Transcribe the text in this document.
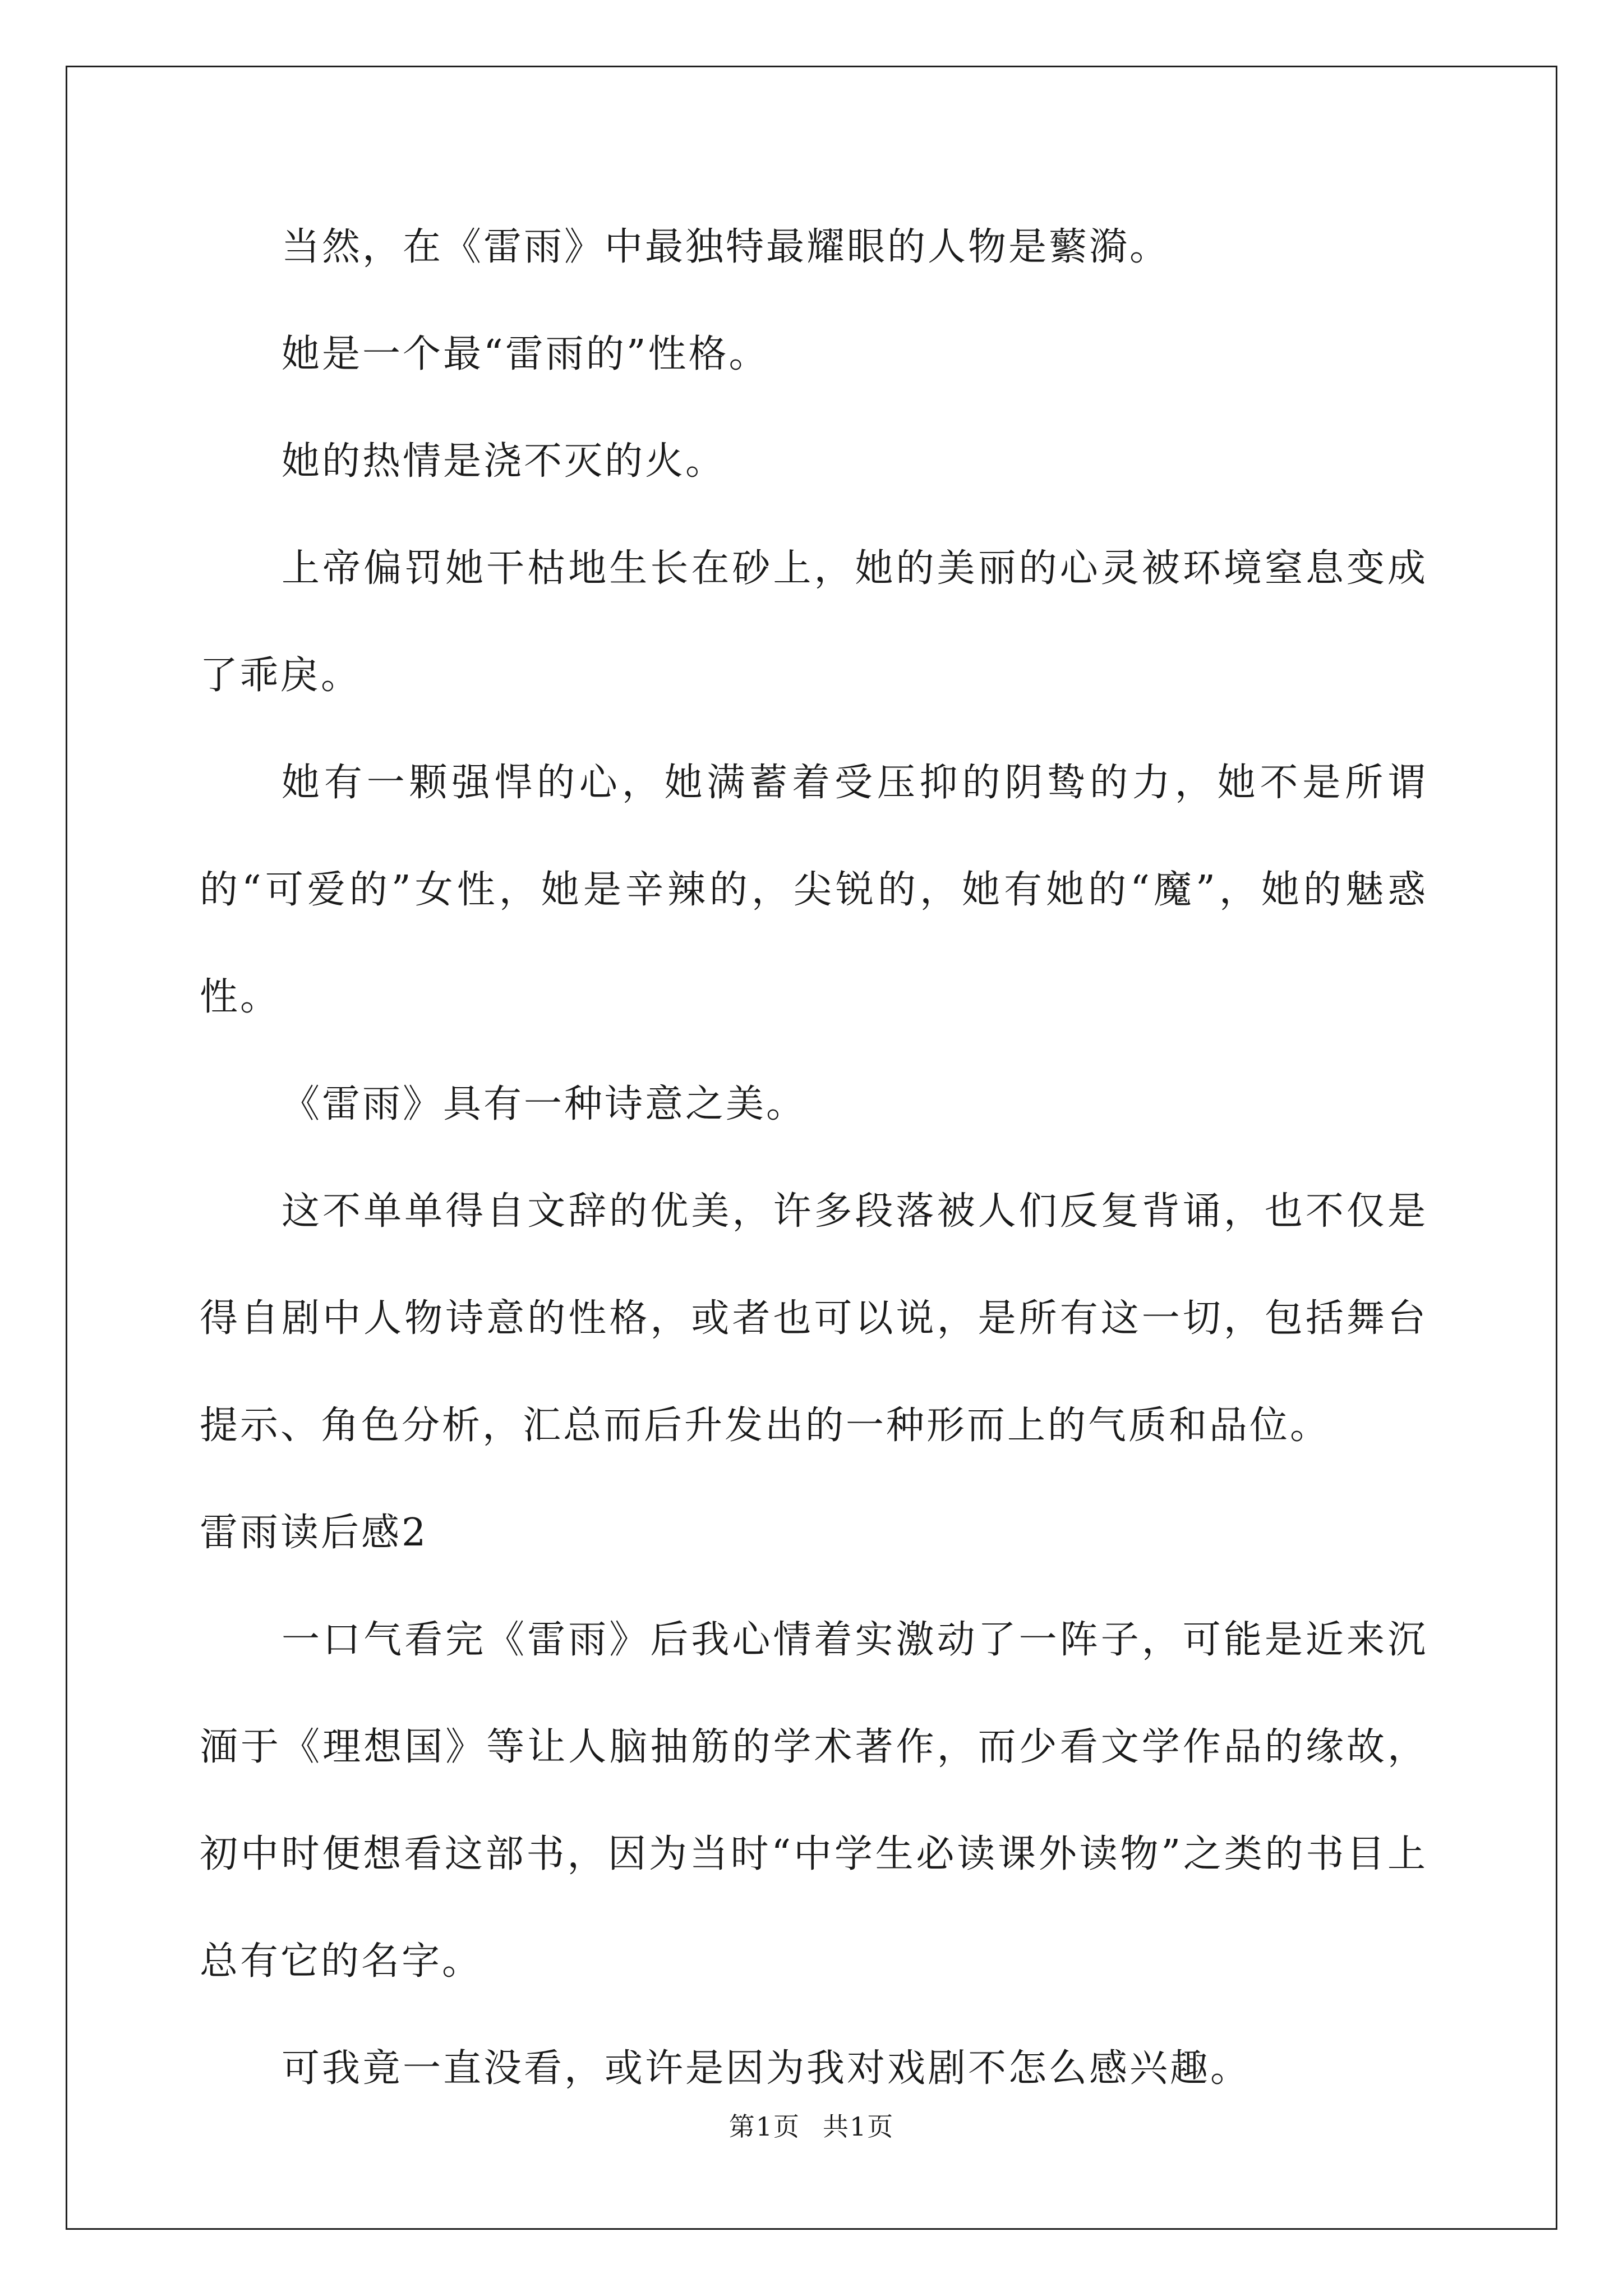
当然，在《雷雨》中最独特最耀眼的人物是蘩漪。

她是一个最“雷雨的”性格。

她的热情是浇不灭的火。

上帝偏罚她干枯地生长在砂上，她的美丽的心灵被环境窒息变成了乖戾。

她有一颗强悍的心，她满蓄着受压抑的阴鸷的力，她不是所谓的“可爱的”女性，她是辛辣的，尖锐的，她有她的“魔”，她的魅惑性。

《雷雨》具有一种诗意之美。

这不单单得自文辞的优美，许多段落被人们反复背诵，也不仅是得自剧中人物诗意的性格，或者也可以说，是所有这一切，包括舞台提示、角色分析，汇总而后升发出的一种形而上的气质和品位。

雷雨读后感2

一口气看完《雷雨》后我心情着实激动了一阵子，可能是近来沉湎于《理想国》等让人脑抽筋的学术著作，而少看文学作品的缘故，初中时便想看这部书，因为当时“中学生必读课外读物”之类的书目上总有它的名字。

可我竟一直没看，或许是因为我对戏剧不怎么感兴趣。

第1页 共1页
